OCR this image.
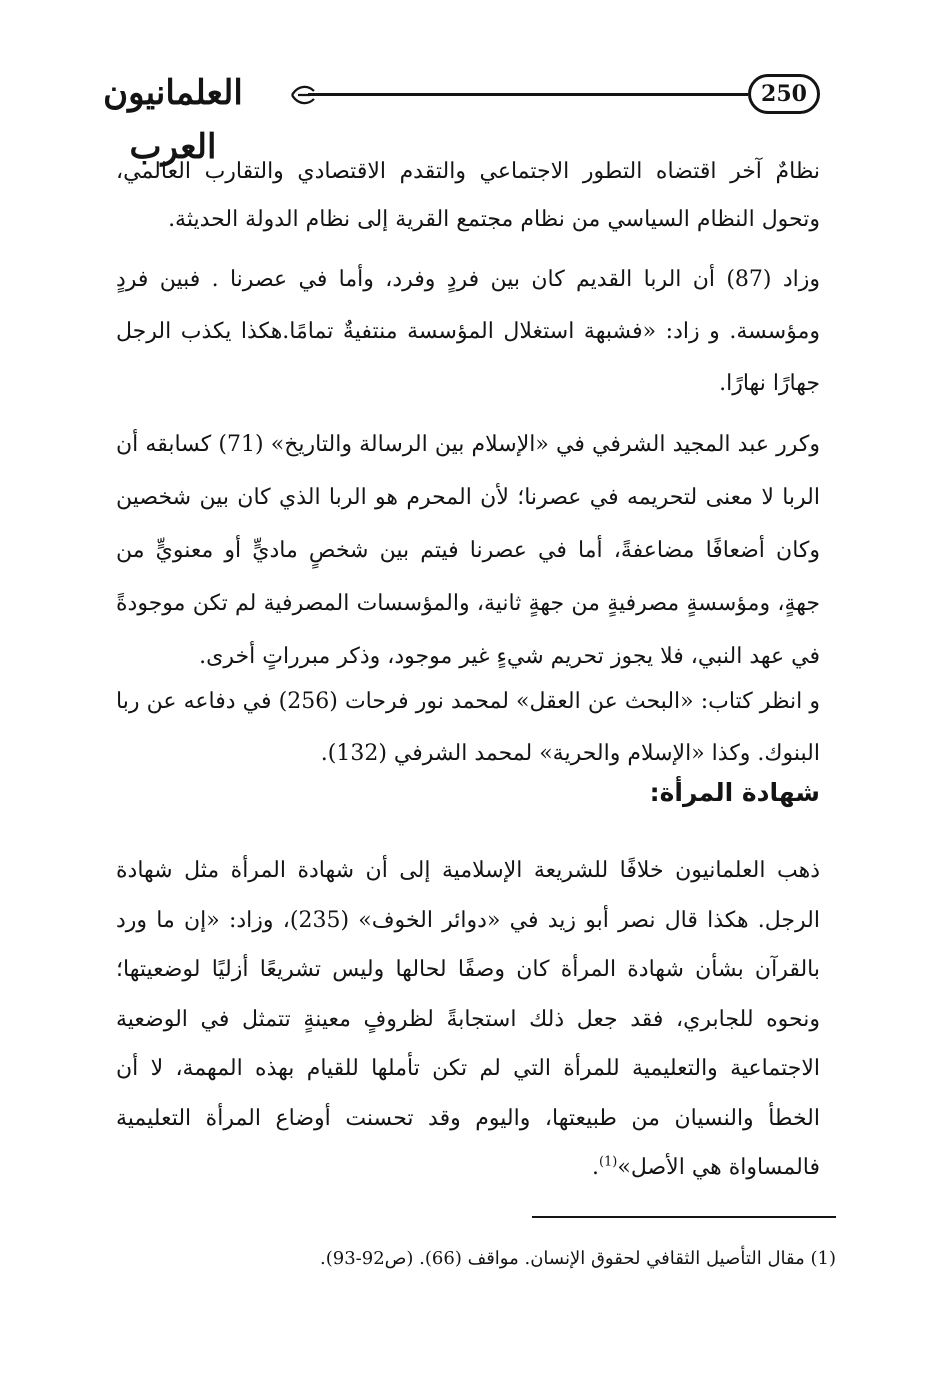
250
العلمانيون العرب

نظامٌ آخر اقتضاه التطور الاجتماعي والتقدم الاقتصادي والتقارب العالمي، وتحول النظام السياسي من نظام مجتمع القرية إلى نظام الدولة الحديثة.

وزاد (87) أن الربا القديم كان بين فردٍ وفرد، وأما في عصرنا . فبين فردٍ ومؤسسة. و زاد: «فشبهة استغلال المؤسسة منتفيةٌ تمامًا.هكذا يكذب الرجل جهارًا نهارًا.

وكرر عبد المجيد الشرفي في «الإسلام بين الرسالة والتاريخ» (71) كسابقه أن الربا لا معنى لتحريمه في عصرنا؛ لأن المحرم هو الربا الذي كان بين شخصين وكان أضعافًا مضاعفةً، أما في عصرنا فيتم بين شخصٍ ماديٍّ أو معنويٍّ من جهةٍ، ومؤسسةٍ مصرفيةٍ من جهةٍ ثانية، والمؤسسات المصرفية لم تكن موجودةً في عهد النبي، فلا يجوز تحريم شيءٍ غير موجود، وذكر مبرراتٍ أخرى.

و انظر كتاب: «البحث عن العقل» لمحمد نور فرحات (256) في دفاعه عن ربا البنوك. وكذا «الإسلام والحرية» لمحمد الشرفي (132).

شهادة المرأة:

ذهب العلمانيون خلافًا للشريعة الإسلامية إلى أن شهادة المرأة مثل شهادة الرجل. هكذا قال نصر أبو زيد في «دوائر الخوف» (235)، وزاد: «إن ما ورد بالقرآن بشأن شهادة المرأة كان وصفًا لحالها وليس تشريعًا أزليًا لوضعيتها؛ ونحوه للجابري، فقد جعل ذلك استجابةً لظروفٍ معينةٍ تتمثل في الوضعية الاجتماعية والتعليمية للمرأة التي لم تكن تأملها للقيام بهذه المهمة، لا أن الخطأ والنسيان من طبيعتها، واليوم وقد تحسنت أوضاع المرأة التعليمية فالمساواة هي الأصل»$^{(1)}$.

(1) مقال التأصيل الثقافي لحقوق الإنسان. مواقف (66). (ص92-93).
